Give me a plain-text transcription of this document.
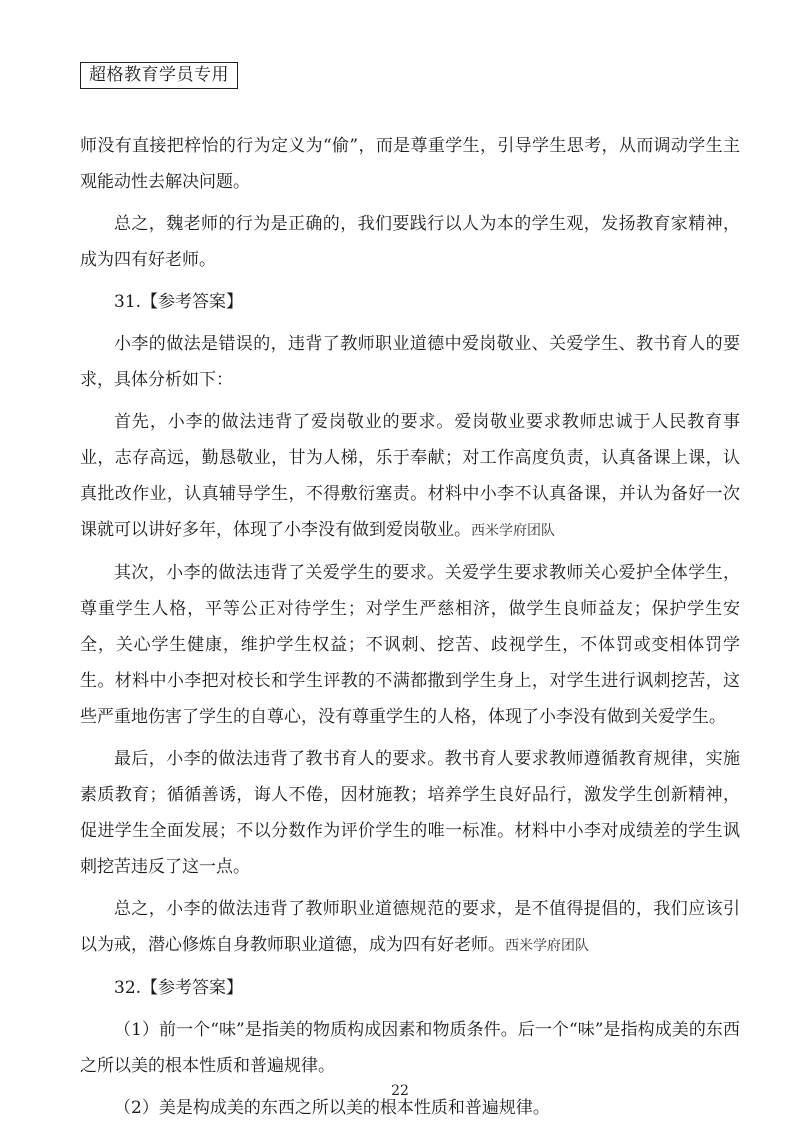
超格教育学员专用

师没有直接把梓怡的行为定义为“偷”，而是尊重学生，引导学生思考，从而调动学生主观能动性去解决问题。

总之，魏老师的行为是正确的，我们要践行以人为本的学生观，发扬教育家精神，成为四有好老师。

31.【参考答案】

小李的做法是错误的，违背了教师职业道德中爱岗敬业、关爱学生、教书育人的要求，具体分析如下：

首先，小李的做法违背了爱岗敬业的要求。爱岗敬业要求教师忠诚于人民教育事业，志存高远，勤恳敬业，甘为人梯，乐于奉献；对工作高度负责，认真备课上课，认真批改作业，认真辅导学生，不得敷衍塞责。材料中小李不认真备课，并认为备好一次课就可以讲好多年，体现了小李没有做到爱岗敬业。西米学府团队

其次，小李的做法违背了关爱学生的要求。关爱学生要求教师关心爱护全体学生，尊重学生人格，平等公正对待学生；对学生严慈相济，做学生良师益友；保护学生安全，关心学生健康，维护学生权益；不讽刺、挖苦、歧视学生，不体罚或变相体罚学生。材料中小李把对校长和学生评教的不满都撒到学生身上，对学生进行讽刺挖苦，这些严重地伤害了学生的自尊心，没有尊重学生的人格，体现了小李没有做到关爱学生。

最后，小李的做法违背了教书育人的要求。教书育人要求教师遵循教育规律，实施素质教育；循循善诱，诲人不倦，因材施教；培养学生良好品行，激发学生创新精神，促进学生全面发展；不以分数作为评价学生的唯一标准。材料中小李对成绩差的学生讽刺挖苦违反了这一点。

总之，小李的做法违背了教师职业道德规范的要求，是不值得提倡的，我们应该引以为戒，潜心修炼自身教师职业道德，成为四有好老师。西米学府团队

32.【参考答案】

（1）前一个“味”是指美的物质构成因素和物质条件。后一个“味”是指构成美的东西之所以美的根本性质和普遍规律。

（2）美是构成美的东西之所以美的根本性质和普遍规律。

22
